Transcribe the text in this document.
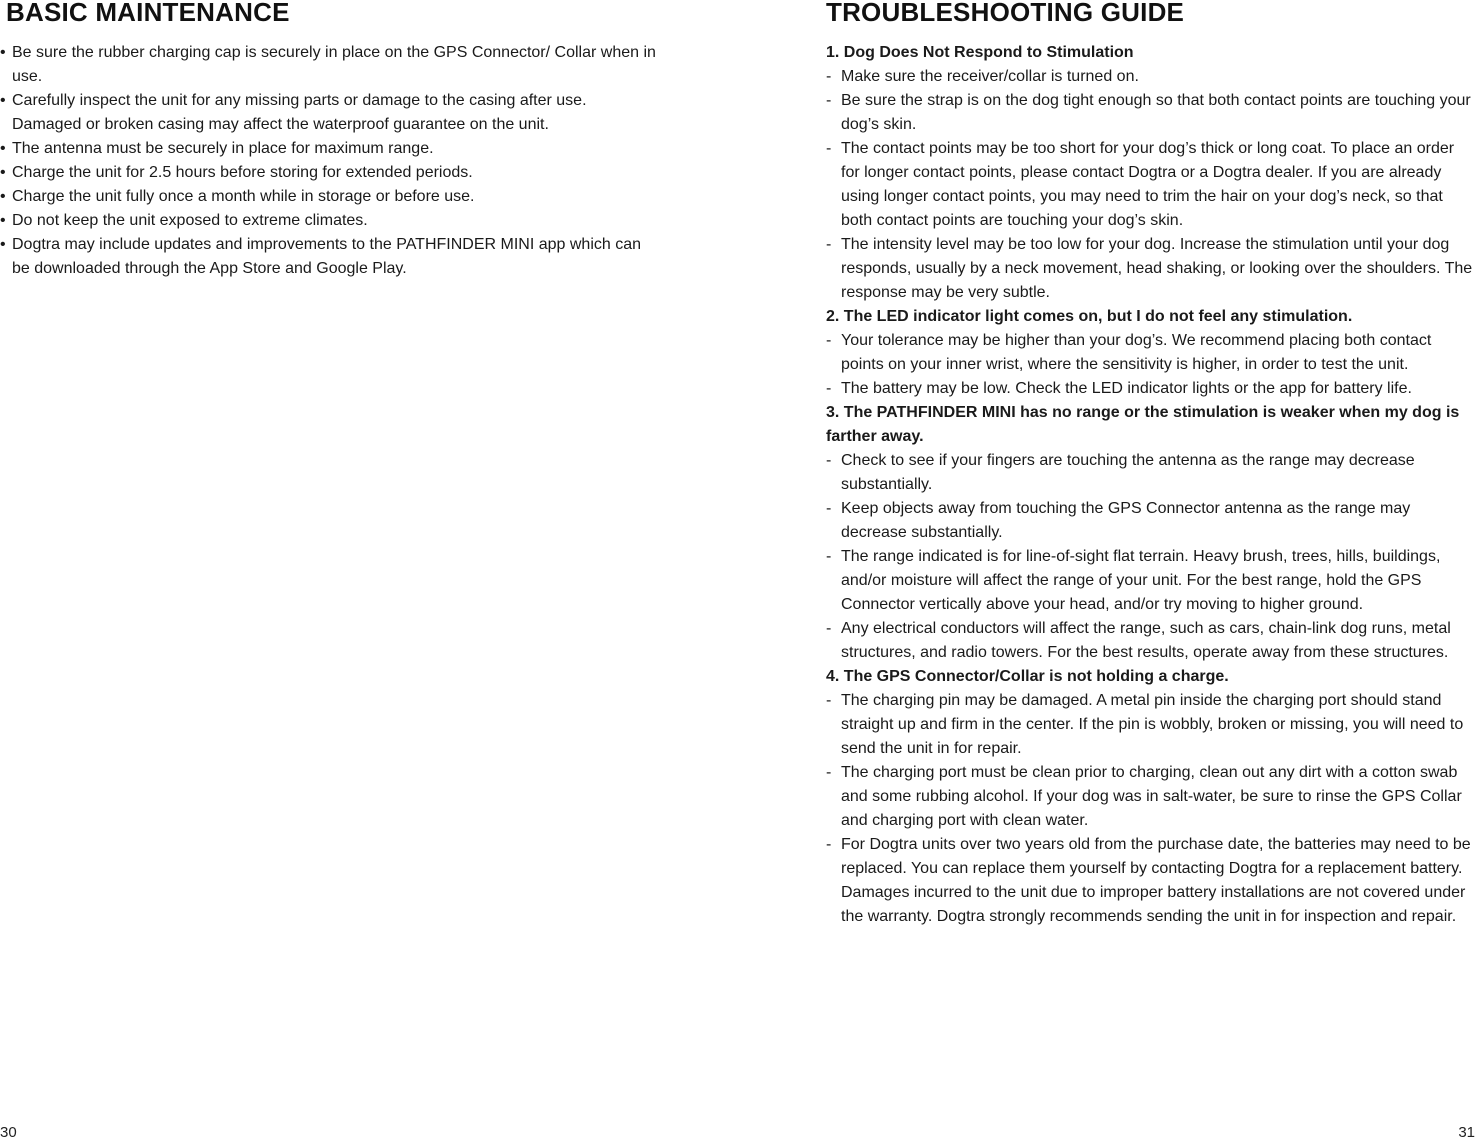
BASIC MAINTENANCE
• Be sure the rubber charging cap is securely in place on the GPS Connector/ Collar when in use.
• Carefully inspect the unit for any missing parts or damage to the casing after use. Damaged or broken casing may affect the waterproof guarantee on the unit.
• The antenna must be securely in place for maximum range.
• Charge the unit for 2.5 hours before storing for extended periods.
• Charge the unit fully once a month while in storage or before use.
• Do not keep the unit exposed to extreme climates.
• Dogtra may include updates and improvements to the PATHFINDER MINI app which can be downloaded through the App Store and Google Play.
30
TROUBLESHOOTING GUIDE
1. Dog Does Not Respond to Stimulation
- Make sure the receiver/collar is turned on.
- Be sure the strap is on the dog tight enough so that both contact points are touching your dog’s skin.
- The contact points may be too short for your dog’s thick or long coat. To place an order for longer contact points, please contact Dogtra or a Dogtra dealer. If you are already using longer contact points, you may need to trim the hair on your dog’s neck, so that both contact points are touching your dog’s skin.
- The intensity level may be too low for your dog. Increase the stimulation until your dog responds, usually by a neck movement, head shaking, or looking over the shoulders. The response may be very subtle.
2. The LED indicator light comes on, but I do not feel any stimulation.
- Your tolerance may be higher than your dog’s. We recommend placing both contact points on your inner wrist, where the sensitivity is higher, in order to test the unit.
- The battery may be low. Check the LED indicator lights or the app for battery life.
3. The PATHFINDER MINI has no range or the stimulation is weaker when my dog is farther away.
- Check to see if your fingers are touching the antenna as the range may decrease substantially.
- Keep objects away from touching the GPS Connector antenna as the range may decrease substantially.
- The range indicated is for line-of-sight flat terrain. Heavy brush, trees, hills, buildings, and/or moisture will affect the range of your unit. For the best range, hold the GPS Connector vertically above your head, and/or try moving to higher ground.
- Any electrical conductors will affect the range, such as cars, chain-link dog runs, metal structures, and radio towers. For the best results, operate away from these structures.
4. The GPS Connector/Collar is not holding a charge.
- The charging pin may be damaged. A metal pin inside the charging port should stand straight up and firm in the center. If the pin is wobbly, broken or missing, you will need to send the unit in for repair.
- The charging port must be clean prior to charging, clean out any dirt with a cotton swab and some rubbing alcohol. If your dog was in salt-water, be sure to rinse the GPS Collar and charging port with clean water.
- For Dogtra units over two years old from the purchase date, the batteries may need to be replaced. You can replace them yourself by contacting Dogtra for a replacement battery. Damages incurred to the unit due to improper battery installations are not covered under the warranty. Dogtra strongly recommends sending the unit in for inspection and repair.
31
